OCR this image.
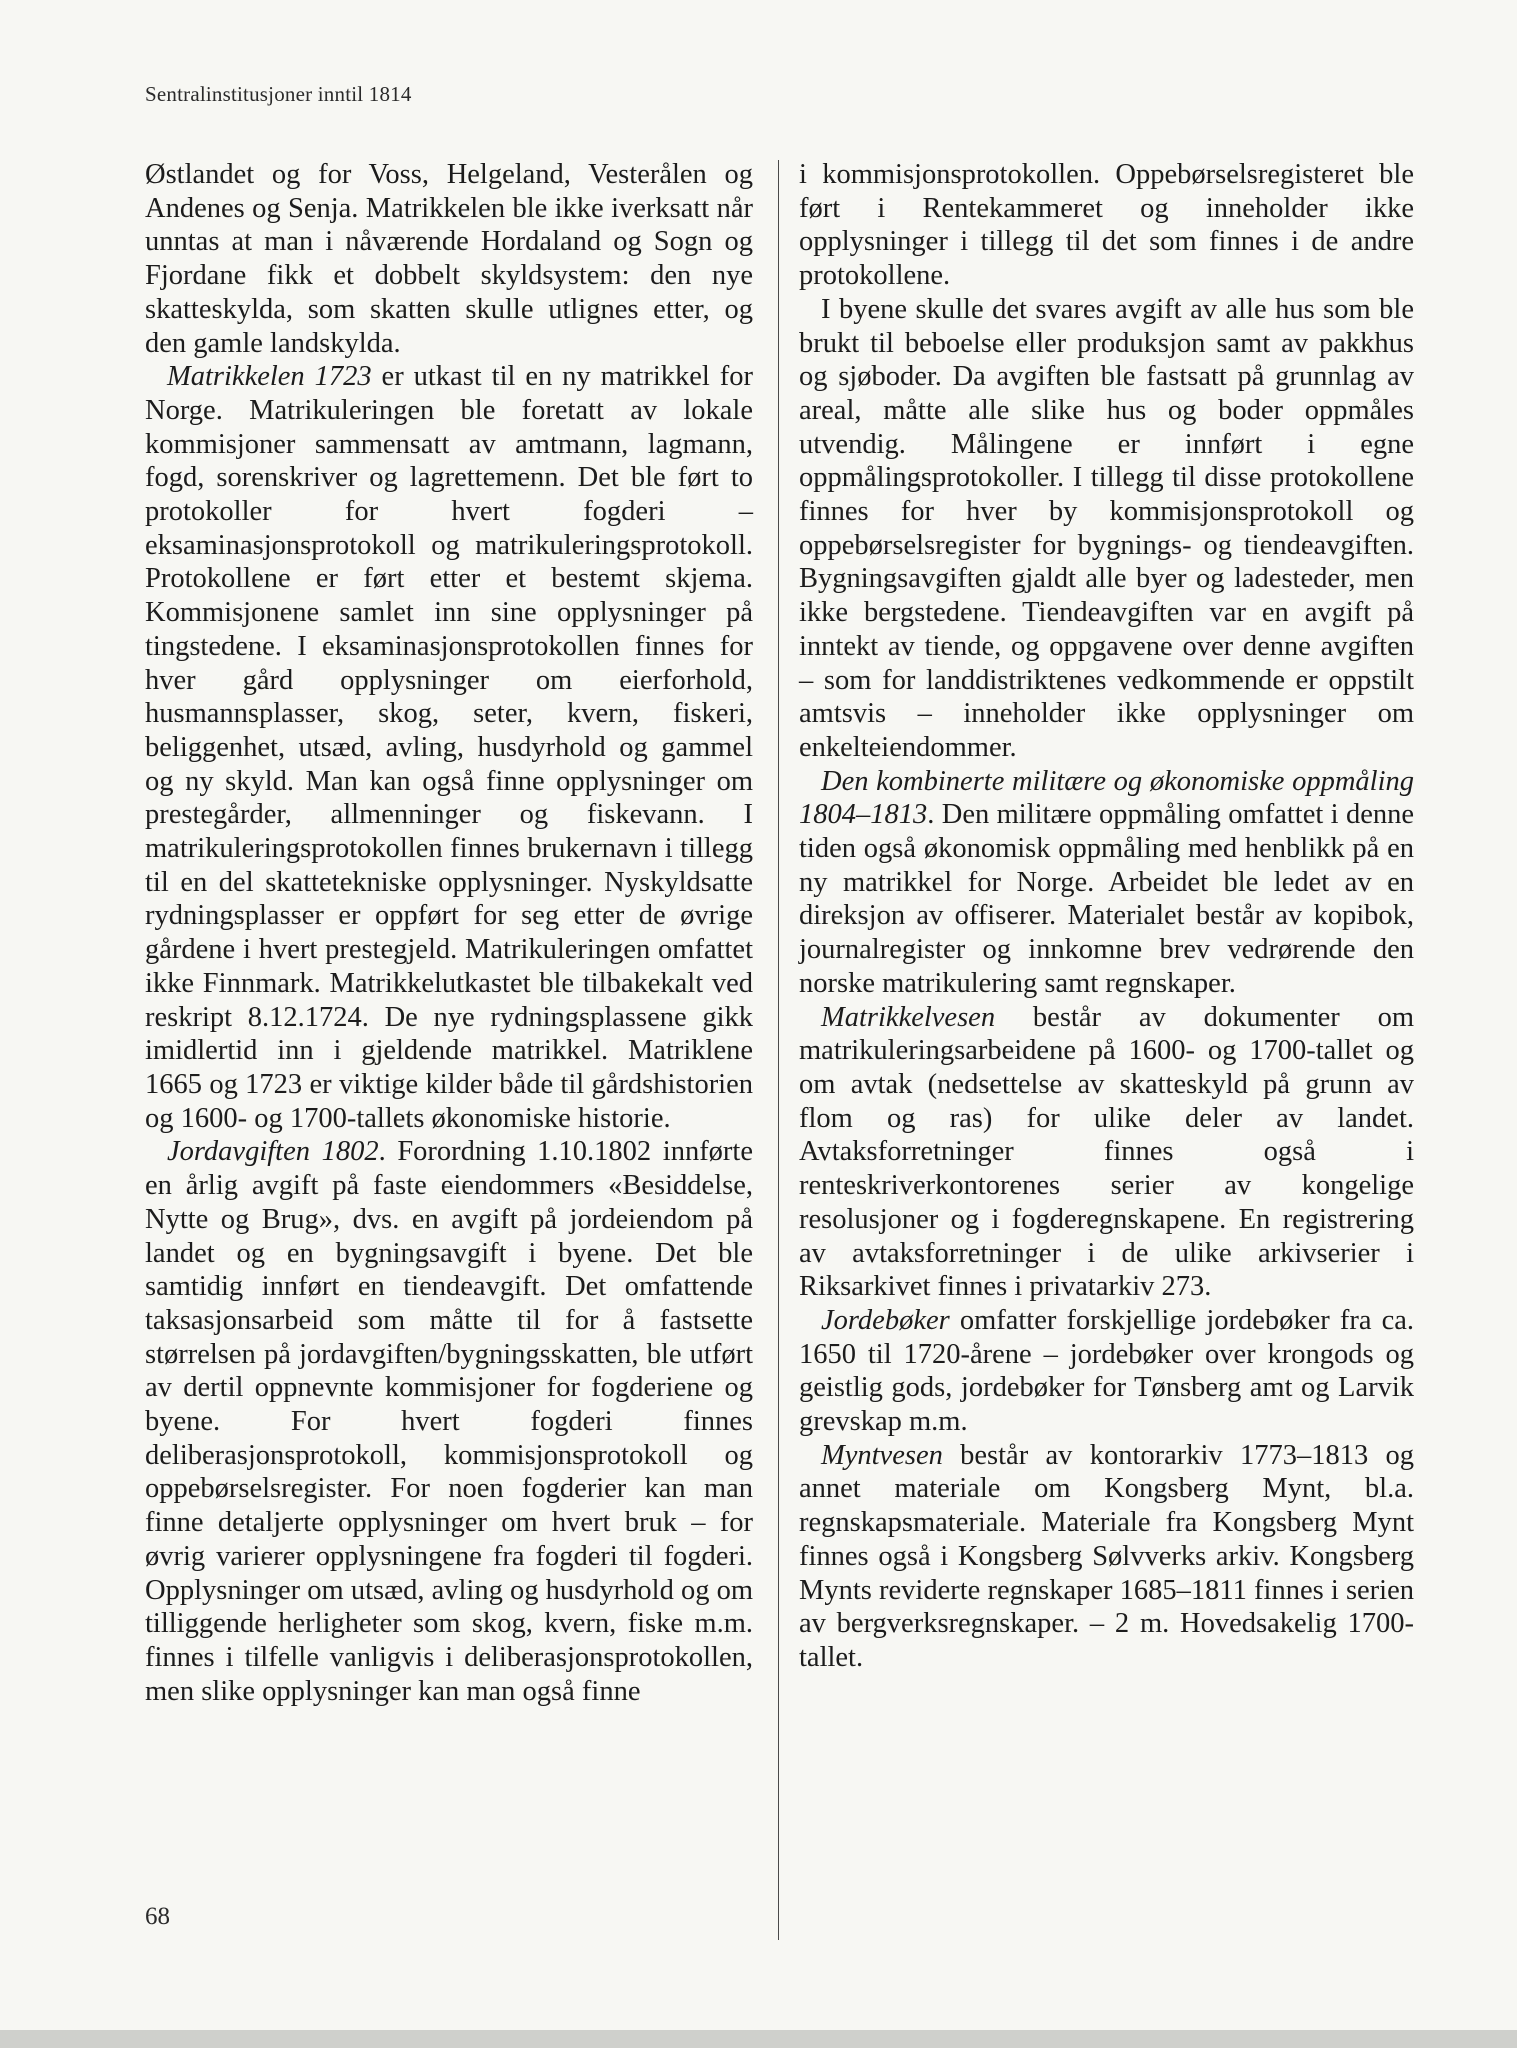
Sentralinstitusjoner inntil 1814

Østlandet og for Voss, Helgeland, Vesterålen og Andenes og Senja. Matrikkelen ble ikke iverksatt når unntas at man i nåværende Hordaland og Sogn og Fjordane fikk et dobbelt skyldsystem: den nye skatteskylda, som skatten skulle utlignes etter, og den gamle landskylda.

Matrikkelen 1723 er utkast til en ny matrikkel for Norge. Matrikuleringen ble foretatt av lokale kommisjoner sammensatt av amtmann, lagmann, fogd, sorenskriver og lagrettemenn. Det ble ført to protokoller for hvert fogderi – eksaminasjonsprotokoll og matrikuleringsprotokoll. Protokollene er ført etter et bestemt skjema. Kommisjonene samlet inn sine opplysninger på tingstedene. I eksaminasjonsprotokollen finnes for hver gård opplysninger om eierforhold, husmannsplasser, skog, seter, kvern, fiskeri, beliggenhet, utsæd, avling, husdyrhold og gammel og ny skyld. Man kan også finne opplysninger om prestegårder, allmenninger og fiskevann. I matrikuleringsprotokollen finnes brukernavn i tillegg til en del skattetekniske opplysninger. Nyskyldsatte rydningsplasser er oppført for seg etter de øvrige gårdene i hvert prestegjeld. Matrikuleringen omfattet ikke Finnmark. Matrikkelutkastet ble tilbakekalt ved reskript 8.12.1724. De nye rydningsplassene gikk imidlertid inn i gjeldende matrikkel. Matriklene 1665 og 1723 er viktige kilder både til gårdshistorien og 1600- og 1700-tallets økonomiske historie.

Jordavgiften 1802. Forordning 1.10.1802 innførte en årlig avgift på faste eiendommers «Besiddelse, Nytte og Brug», dvs. en avgift på jordeiendom på landet og en bygningsavgift i byene. Det ble samtidig innført en tiendeavgift. Det omfattende taksasjonsarbeid som måtte til for å fastsette størrelsen på jordavgiften/bygningsskatten, ble utført av dertil oppnevnte kommisjoner for fogderiene og byene. For hvert fogderi finnes deliberasjonsprotokoll, kommisjonsprotokoll og oppebørselsregister. For noen fogderier kan man finne detaljerte opplysninger om hvert bruk – for øvrig varierer opplysningene fra fogderi til fogderi. Opplysninger om utsæd, avling og husdyrhold og om tilliggende herligheter som skog, kvern, fiske m.m. finnes i tilfelle vanligvis i deliberasjonsprotokollen, men slike opplysninger kan man også finne

i kommisjonsprotokollen. Oppebørselsregisteret ble ført i Rentekammeret og inneholder ikke opplysninger i tillegg til det som finnes i de andre protokollene.

I byene skulle det svares avgift av alle hus som ble brukt til beboelse eller produksjon samt av pakkhus og sjøboder. Da avgiften ble fastsatt på grunnlag av areal, måtte alle slike hus og boder oppmåles utvendig. Målingene er innført i egne oppmålingsprotokoller. I tillegg til disse protokollene finnes for hver by kommisjonsprotokoll og oppebørselsregister for bygnings- og tiendeavgiften. Bygningsavgiften gjaldt alle byer og ladesteder, men ikke bergstedene. Tiendeavgiften var en avgift på inntekt av tiende, og oppgavene over denne avgiften – som for landdistriktenes vedkommende er oppstilt amtsvis – inneholder ikke opplysninger om enkelteiendommer.

Den kombinerte militære og økonomiske oppmåling 1804–1813. Den militære oppmåling omfattet i denne tiden også økonomisk oppmåling med henblikk på en ny matrikkel for Norge. Arbeidet ble ledet av en direksjon av offiserer. Materialet består av kopibok, journalregister og innkomne brev vedrørende den norske matrikulering samt regnskaper.

Matrikkelvesen består av dokumenter om matrikuleringsarbeidene på 1600- og 1700-tallet og om avtak (nedsettelse av skatteskyld på grunn av flom og ras) for ulike deler av landet. Avtaksforretninger finnes også i renteskriverkontorenes serier av kongelige resolusjoner og i fogderegnskapene. En registrering av avtaksforretninger i de ulike arkivserier i Riksarkivet finnes i privatarkiv 273.

Jordebøker omfatter forskjellige jordebøker fra ca. 1650 til 1720-årene – jordebøker over krongods og geistlig gods, jordebøker for Tønsberg amt og Larvik grevskap m.m.

Myntvesen består av kontorarkiv 1773–1813 og annet materiale om Kongsberg Mynt, bl.a. regnskapsmateriale. Materiale fra Kongsberg Mynt finnes også i Kongsberg Sølvverks arkiv. Kongsberg Mynts reviderte regnskaper 1685–1811 finnes i serien av bergverksregnskaper. – 2 m. Hovedsakelig 1700-tallet.

68
